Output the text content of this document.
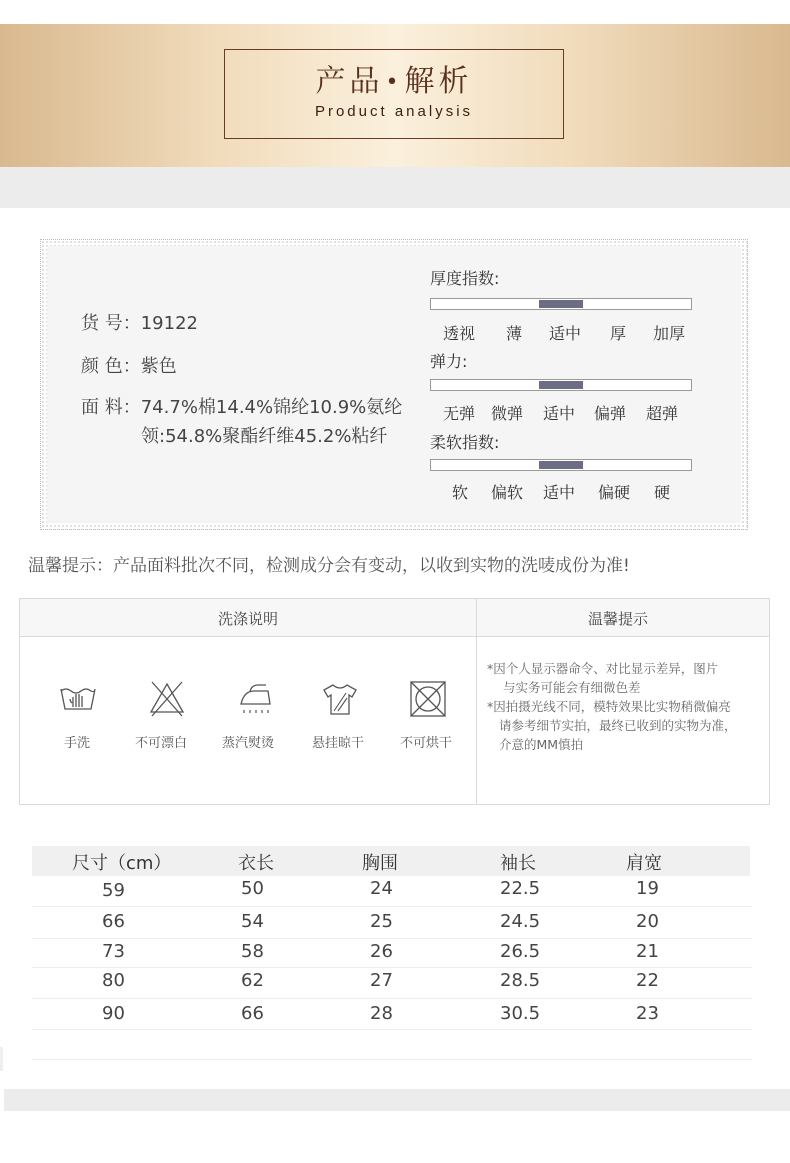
产品•解析
Product analysis
货 号：19122
颜 色：紫色
面 料：74.7%棉14.4%锦纶10.9%氨纶
领:54.8%聚酯纤维45.2%粘纤
厚度指数:
透视 薄 适中 厚 加厚
弹力:
无弹 微弹 适中 偏弹 超弹
柔软指数:
软 偏软 适中 偏硬 硬
温馨提示：产品面料批次不同，检测成分会有变动，以收到实物的洗唛成份为准!
洗涤说明	温馨提示
手洗	不可漂白	蒸汽熨烫	悬挂晾干	不可烘干
*因个人显示器命令、对比显示差异，图片
与实务可能会有细微色差
*因拍摄光线不同，模特效果比实物稍微偏亮
请参考细节实拍，最终已收到的实物为准，
介意的MM慎拍
尺寸（cm）	衣长	胸围	袖长	肩宽
59	50	24	22.5	19
66	54	25	24.5	20
73	58	26	26.5	21
80	62	27	28.5	22
90	66	28	30.5	23
